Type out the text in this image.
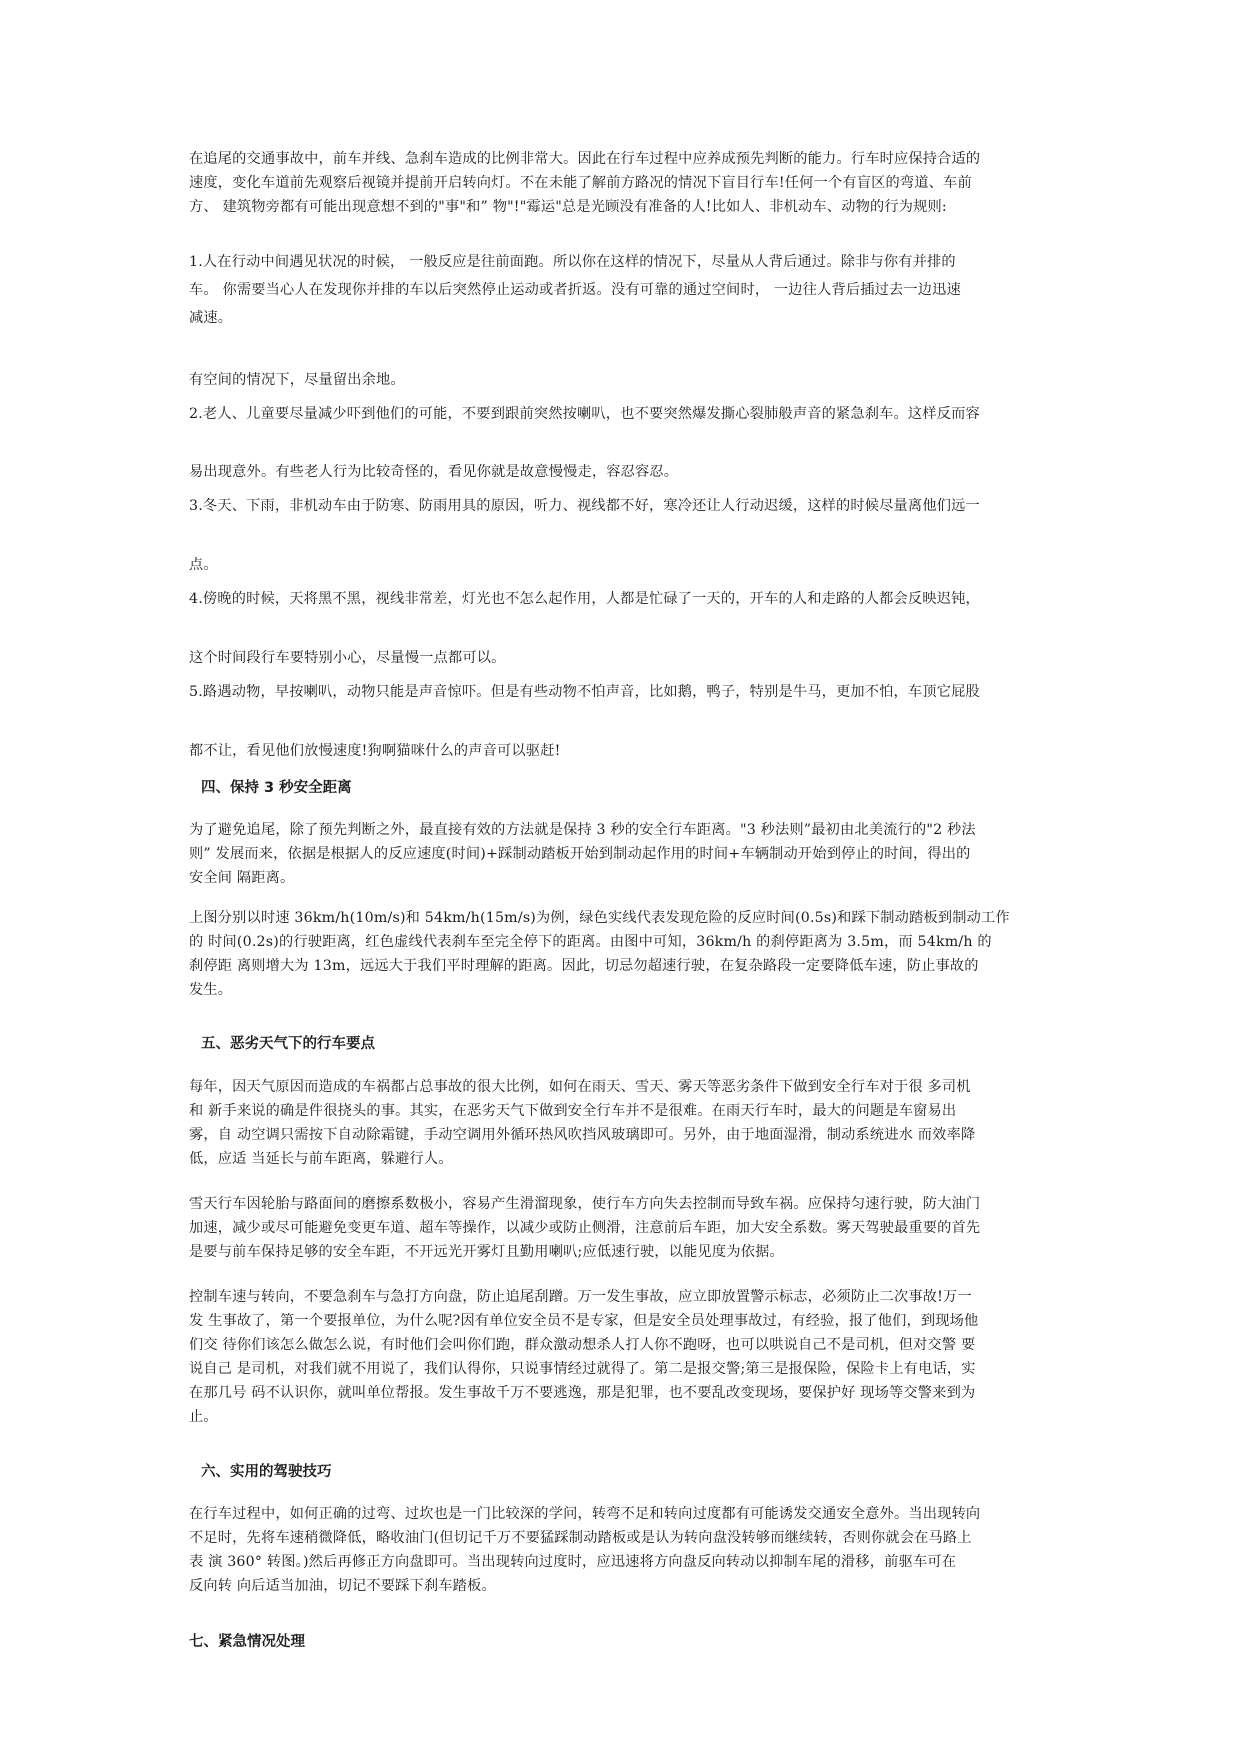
在追尾的交通事故中，前车并线、急刹车造成的比例非常大。因此在行车过程中应养成预先判断的能力。行车时应保持合适的
速度，变化车道前先观察后视镜并提前开启转向灯。不在未能了解前方路况的情况下盲目行车!任何一个有盲区的弯道、车前
方、 建筑物旁都有可能出现意想不到的"事"和” 物"!"霉运"总是光顾没有准备的人!比如人、非机动车、动物的行为规则:
1.人在行动中间遇见状况的时候， 一般反应是往前面跑。所以你在这样的情况下，尽量从人背后通过。除非与你有并排的
车。 你需要当心人在发现你并排的车以后突然停止运动或者折返。没有可靠的通过空间时， 一边往人背后插过去一边迅速
减速。
有空间的情况下，尽量留出余地。
2.老人、儿童要尽量减少吓到他们的可能，不要到跟前突然按喇叭，也不要突然爆发撕心裂肺般声音的紧急刹车。这样反而容
易出现意外。有些老人行为比较奇怪的，看见你就是故意慢慢走，容忍容忍。
3.冬天、下雨，非机动车由于防寒、防雨用具的原因，听力、视线都不好，寒冷还让人行动迟缓，这样的时候尽量离他们远一
点。
4.傍晚的时候，天将黑不黑，视线非常差，灯光也不怎么起作用，人都是忙碌了一天的，开车的人和走路的人都会反映迟钝，
这个时间段行车要特别小心，尽量慢一点都可以。
5.路遇动物，早按喇叭，动物只能是声音惊吓。但是有些动物不怕声音，比如鹅，鸭子，特别是牛马，更加不怕，车顶它屁股
都不让，看见他们放慢速度!狗啊猫咪什么的声音可以驱赶!
四、保持 3 秒安全距离
为了避免追尾，除了预先判断之外，最直接有效的方法就是保持 3 秒的安全行车距离。"3 秒法则”最初由北美流行的"2 秒法
则” 发展而来，依据是根据人的反应速度(时间)+踩制动踏板开始到制动起作用的时间+车辆制动开始到停止的时间，得出的
安全间 隔距离。
上图分别以时速 36km/h(10m/s)和 54km/h(15m/s)为例，绿色实线代表发现危险的反应时间(0.5s)和踩下制动踏板到制动工作
的 时间(0.2s)的行驶距离，红色虚线代表刹车至完全停下的距离。由图中可知，36km/h 的刹停距离为 3.5m，而 54km/h 的
刹停距 离则增大为 13m，远远大于我们平时理解的距离。因此，切忌勿超速行驶，在复杂路段一定要降低车速，防止事故的
发生。
五、恶劣天气下的行车要点
每年，因天气原因而造成的车祸都占总事故的很大比例，如何在雨天、雪天、雾天等恶劣条件下做到安全行车对于很 多司机
和 新手来说的确是件很挠头的事。其实，在恶劣天气下做到安全行车并不是很难。在雨天行车时，最大的问题是车窗易出
雾，自 动空调只需按下自动除霜键，手动空调用外循环热风吹挡风玻璃即可。另外，由于地面湿滑，制动系统进水 而效率降
低，应适 当延长与前车距离，躲避行人。
雪天行车因轮胎与路面间的磨擦系数极小，容易产生滑溜现象，使行车方向失去控制而导致车祸。应保持匀速行驶，防大油门
加速，减少或尽可能避免变更车道、超车等操作，以减少或防止侧滑，注意前后车距，加大安全系数。雾天驾驶最重要的首先
是要与前车保持足够的安全车距，不开远光开雾灯且勤用喇叭;应低速行驶，以能见度为依据。
控制车速与转向，不要急刹车与急打方向盘，防止追尾刮蹭。万一发生事故，应立即放置警示标志，必须防止二次事故!万一
发 生事故了，第一个要报单位，为什么呢?因有单位安全员不是专家，但是安全员处理事故过，有经验，报了他们，到现场他
们交 待你们该怎么做怎么说，有时他们会叫你们跑，群众激动想杀人打人你不跑呀，也可以哄说自己不是司机，但对交警 要
说自己 是司机，对我们就不用说了，我们认得你，只说事情经过就得了。第二是报交警;第三是报保险，保险卡上有电话，实
在那几号 码不认识你，就叫单位帮报。发生事故千万不要逃逸，那是犯罪，也不要乱改变现场，要保护好 现场等交警来到为
止。
六、实用的驾驶技巧
在行车过程中，如何正确的过弯、过坎也是一门比较深的学问，转弯不足和转向过度都有可能诱发交通安全意外。当出现转向
不足时，先将车速稍微降低，略收油门(但切记千万不要猛踩制动踏板或是认为转向盘没转够而继续转，否则你就会在马路上
表 演 360° 转图。)然后再修正方向盘即可。当出现转向过度时，应迅速将方向盘反向转动以抑制车尾的滑移，前驱车可在
反向转 向后适当加油，切记不要踩下刹车踏板。
七、紧急情况处理
